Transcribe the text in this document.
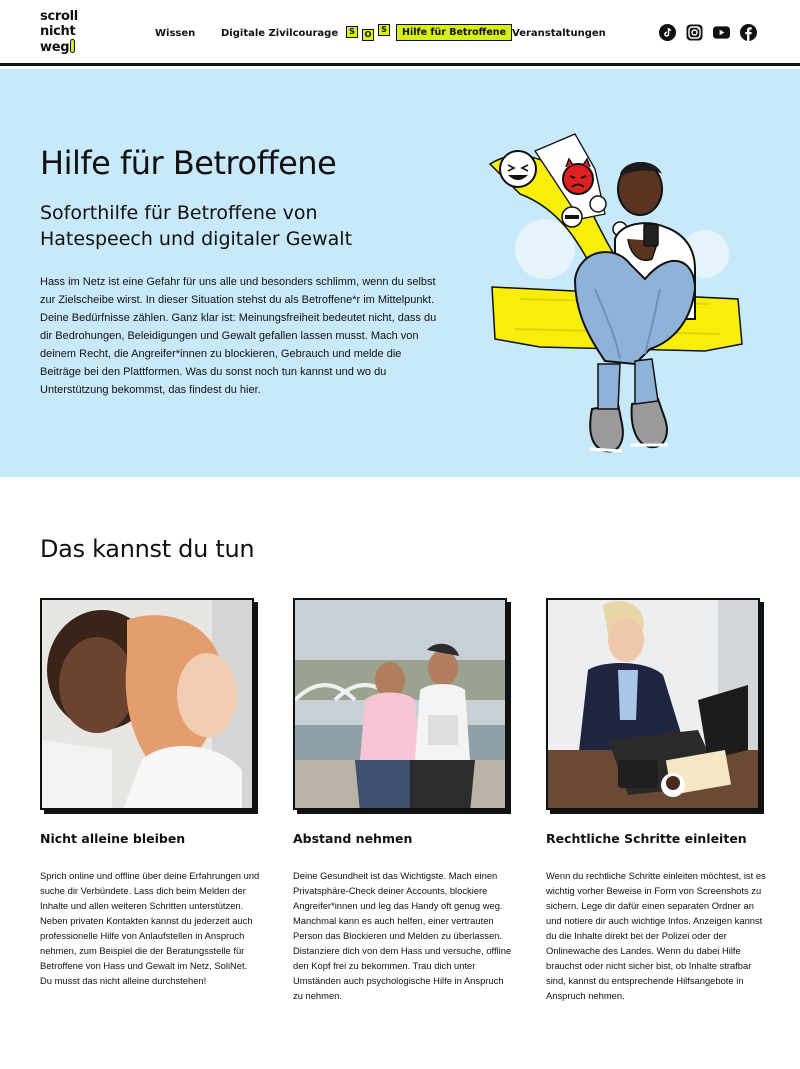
scroll
nicht
weg
Wissen	Digitale Zivilcourage	S	O
S	Hilfe für Betroffene Veranstaltungen
Hilfe für Betroffene
Soforthilfe für Betroffene von Hatespeech und digitaler Gewalt

Hass im Netz ist eine Gefahr für uns alle und besonders schlimm, wenn du selbst zur Zielscheibe wirst. In dieser Situation stehst du als Betroffene*r im Mittelpunkt. Deine Bedürfnisse zählen. Ganz klar ist: Meinungsfreiheit bedeutet nicht, dass du dir Bedrohungen, Beleidigungen und Gewalt gefallen lassen musst. Mach von deinem Recht, die Angreifer*innen zu blockieren, Gebrauch und melde die Beiträge bei den Plattformen. Was du sonst noch tun kannst und wo du Unterstützung bekommst, das findest du hier.

Das kannst du tun
Nicht alleine bleiben

Sprich online und offline über deine Erfahrungen und suche dir Verbündete. Lass dich beim Melden der Inhalte und allen weiteren Schritten unterstützen. Neben privaten Kontakten kannst du jederzeit auch professionelle Hilfe von Anlaufstellen in Anspruch nehmen, zum Beispiel die der Beratungsstelle für Betroffene von Hass und Gewalt im Netz, SoliNet. Du musst das nicht alleine durchstehen!

Abstand nehmen

Deine Gesundheit ist das Wichtigste. Mach einen Privatsphäre-Check deiner Accounts, blockiere Angreifer*innen und leg das Handy oft genug weg. Manchmal kann es auch helfen, einer vertrauten Person das Blockieren und Melden zu überlassen. Distanziere dich von dem Hass und versuche, offline den Kopf frei zu bekommen. Trau dich unter Umständen auch psychologische Hilfe in Anspruch zu nehmen.

Rechtliche Schritte einleiten

Wenn du rechtliche Schritte einleiten möchtest, ist es wichtig vorher Beweise in Form von Screenshots zu sichern. Lege dir dafür einen separaten Ordner an und notiere dir auch wichtige Infos. Anzeigen kannst du die Inhalte direkt bei der Polizei oder der Onlinewache des Landes. Wenn du dabei Hilfe brauchst oder nicht sicher bist, ob Inhalte strafbar sind, kannst du entsprechende Hilfsangebote in Anspruch nehmen.
